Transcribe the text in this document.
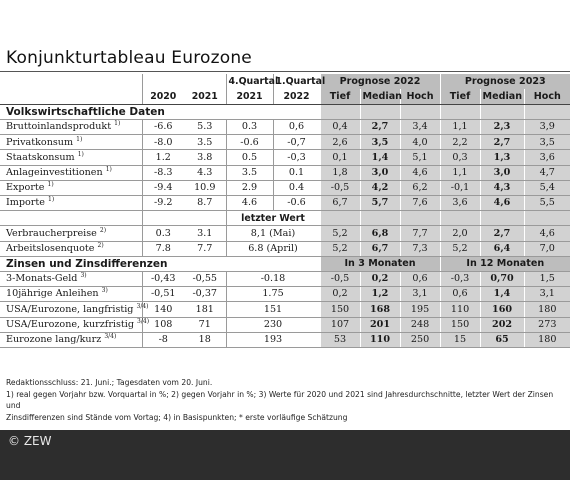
Konjunkturtableau Eurozone
			4.Quartal	1.Quartal	Prognose 2022			Prognose 2023		
	2020	2021	2021	2022	Tief	Median	Hoch	Tief	Median	Hoch
Volkswirtschaftliche Daten										
Bruttoinlandsprodukt $^{1)}$	-6.6	5.3	0.3	0,6	0,4	2,7	3,4	1,1	2,3	3,9
Privatkonsum $^{1)}$	-8.0	3.5	-0.6	-0,7	2,6	3,5	4,0	2,2	2,7	3,5
Staatskonsum $^{1)}$	1.2	3.8	0.5	-0,3	0,1	1,4	5,1	0,3	1,3	3,6
Anlageinvestitionen $^{1)}$	-8.3	4.3	3.5	0.1	1,8	3,0	4,6	1,1	3,0	4,7
Exporte $^{1)}$	-9.4	10.9	2.9	0.4	-0,5	4,2	6,2	-0,1	4,3	5,4
Importe $^{1)}$	-9.2	8.7	4.6	-0.6	6,7	5,7	7,6	3,6	4,6	5,5
			letzter Wert							
Verbraucherpreise $^{2)}$	0.3	3.1	8,1 (Mai)		5,2	6,8	7,7	2,0	2,7	4,6
Arbeitslosenquote $^{2)}$	7.8	7.7	6.8 (April)		5,2	6,7	7,3	5,2	6,4	7,0
Zinsen und Zinsdifferenzen					In 3 Monaten			In 12 Monaten		
3-Monats-Geld $^{3)}$	-0,43	-0,55	-0.18		-0,5	0,2	0,6	-0,3	0,70	1,5
10jährige Anleihen $^{3)}$	-0,51	-0,37	1.75		0,2	1,2	3,1	0,6	1,4	3,1
USA/Eurozone, langfristig $^{3/4)}$	140	181	151		150	168	195	110	160	180
USA/Eurozone, kurzfristig $^{3/4)}$	108	71	230		107	201	248	150	202	273
Eurozone lang/kurz $^{3/4)}$	-8	18	193		53	110	250	15	65	180
Redaktionsschluss: 21. Juni.; Tagesdaten vom 20. Juni.
1) real gegen Vorjahr bzw. Vorquartal in %; 2) gegen Vorjahr in %; 3) Werte für 2020 und 2021 sind Jahresdurchschnitte, letzter Wert der Zinsen und
Zinsdifferenzen sind Stände vom Vortag; 4) in Basispunkten; * erste vorläufige Schätzung
© ZEW
